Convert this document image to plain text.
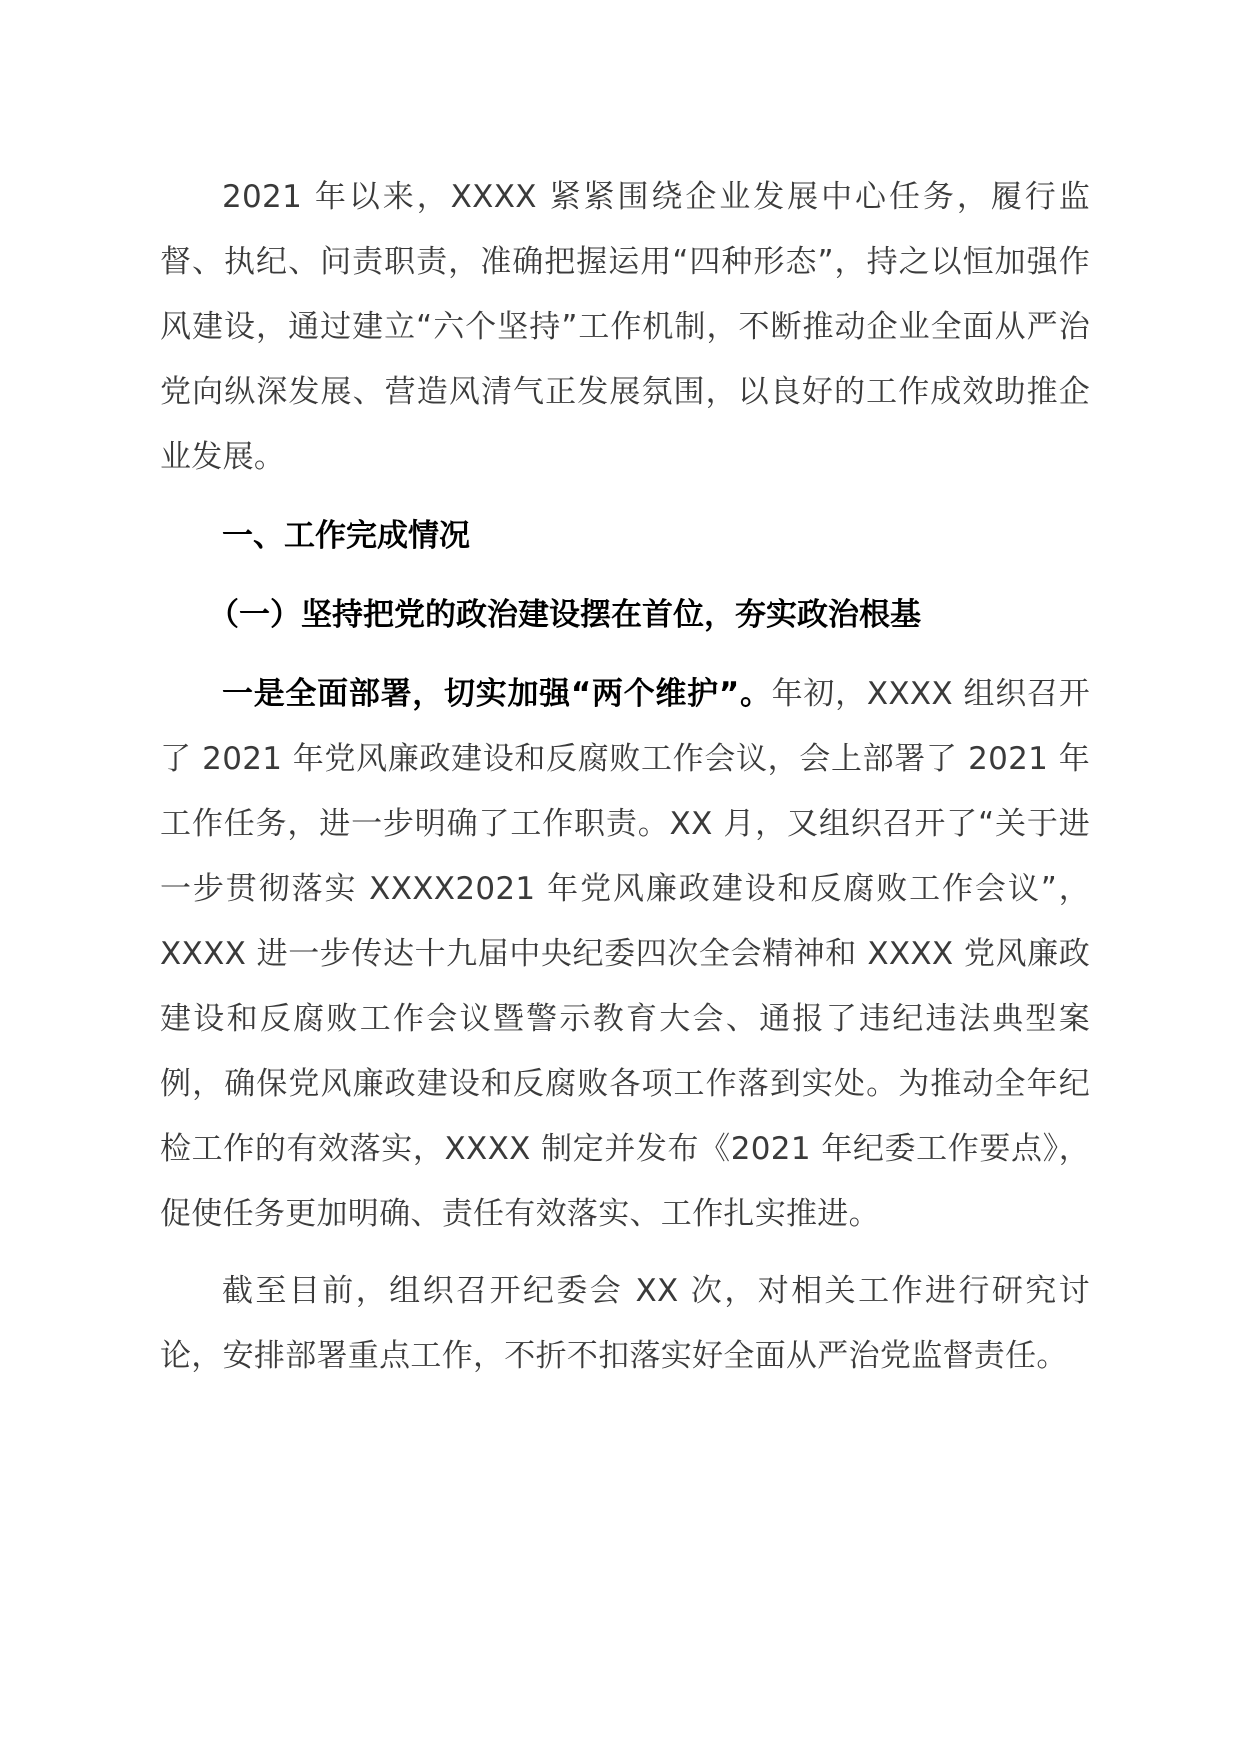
2021 年以来，XXXX 紧紧围绕企业发展中心任务，履行监督、执纪、问责职责，准确把握运用“四种形态”，持之以恒加强作风建设，通过建立“六个坚持”工作机制，不断推动企业全面从严治党向纵深发展、营造风清气正发展氛围，以良好的工作成效助推企业发展。

一、工作完成情况

（一）坚持把党的政治建设摆在首位，夯实政治根基

一是全面部署，切实加强“两个维护”。年初，XXXX 组织召开了 2021 年党风廉政建设和反腐败工作会议，会上部署了 2021 年工作任务，进一步明确了工作职责。XX 月，又组织召开了“关于进一步贯彻落实 XXXX2021 年党风廉政建设和反腐败工作会议”，XXXX 进一步传达十九届中央纪委四次全会精神和 XXXX 党风廉政建设和反腐败工作会议暨警示教育大会、通报了违纪违法典型案例，确保党风廉政建设和反腐败各项工作落到实处。为推动全年纪检工作的有效落实，XXXX 制定并发布《2021 年纪委工作要点》，促使任务更加明确、责任有效落实、工作扎实推进。

截至目前，组织召开纪委会 XX 次，对相关工作进行研究讨论，安排部署重点工作，不折不扣落实好全面从严治党监督责任。
